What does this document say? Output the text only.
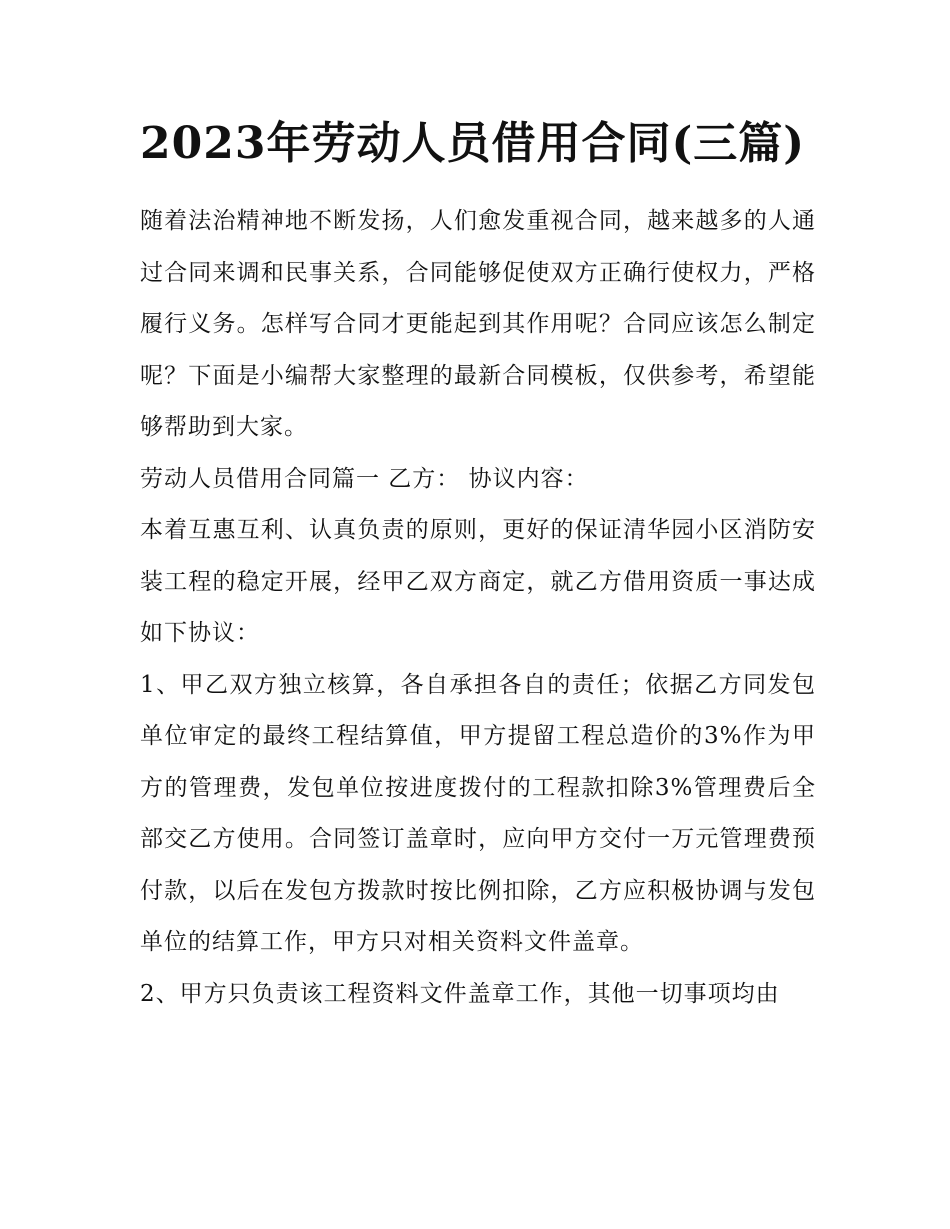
2023年劳动人员借用合同(三篇)

随着法治精神地不断发扬，人们愈发重视合同，越来越多的人通过合同来调和民事关系，合同能够促使双方正确行使权力，严格履行义务。怎样写合同才更能起到其作用呢？合同应该怎么制定呢？下面是小编帮大家整理的最新合同模板，仅供参考，希望能够帮助到大家。

劳动人员借用合同篇一 乙方： 协议内容：

本着互惠互利、认真负责的原则，更好的保证清华园小区消防安装工程的稳定开展，经甲乙双方商定，就乙方借用资质一事达成如下协议：

1、甲乙双方独立核算，各自承担各自的责任；依据乙方同发包单位审定的最终工程结算值，甲方提留工程总造价的3%作为甲方的管理费，发包单位按进度拨付的工程款扣除3%管理费后全部交乙方使用。合同签订盖章时，应向甲方交付一万元管理费预付款，以后在发包方拨款时按比例扣除，乙方应积极协调与发包单位的结算工作，甲方只对相关资料文件盖章。

2、甲方只负责该工程资料文件盖章工作，其他一切事项均由
